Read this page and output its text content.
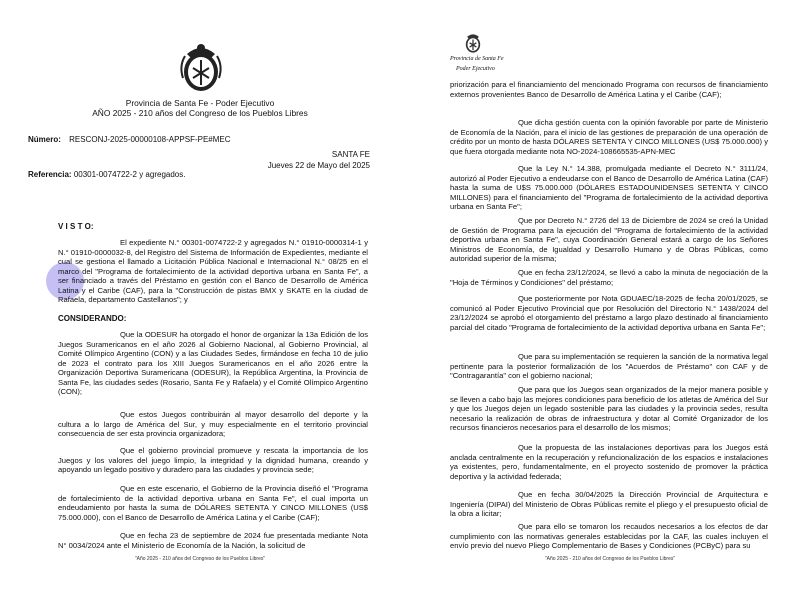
Provincia de Santa Fe - Poder Ejecutivo
AÑO 2025 - 210 años del Congreso de los Pueblos Libres
Número: RESCONJ-2025-00000108-APPSF-PE#MEC
SANTA FE
Jueves 22 de Mayo del 2025
Referencia: 00301-0074722-2 y agregados.
V I S T O:

El expediente N.° 00301-0074722-2 y agregados N.° 01910-0000314-1 y N.° 01910-0000032-8, del Registro del Sistema de Información de Expedientes, mediante el cual se gestiona el llamado a Licitación Pública Nacional e Internacional N.° 08/25 en el marco del "Programa de fortalecimiento de la actividad deportiva urbana en Santa Fe", a ser financiado a través del Préstamo en gestión con el Banco de Desarrollo de América Latina y el Caribe (CAF), para la "Construcción de pistas BMX y SKATE en la ciudad de Rafaela, departamento Castellanos"; y

CONSIDERANDO:

Que la ODESUR ha otorgado el honor de organizar la 13a Edición de los Juegos Suramericanos en el año 2026 al Gobierno Nacional, al Gobierno Provincial, al Comité Olímpico Argentino (CON) y a las Ciudades Sedes, firmándose en fecha 10 de julio de 2023 el contrato para los XIII Juegos Suramericanos en el año 2026 entre la Organización Deportiva Suramericana (ODESUR), la República Argentina, la Provincia de Santa Fe, las ciudades sedes (Rosario, Santa Fe y Rafaela) y el Comité Olímpico Argentino (CON);

Que estos Juegos contribuirán al mayor desarrollo del deporte y la cultura a lo largo de América del Sur, y muy especialmente en el territorio provincial consecuencia de ser esta provincia organizadora;

Que el gobierno provincial promueve y rescata la importancia de los Juegos y los valores del juego limpio, la integridad y la dignidad humana, creando y apoyando un legado positivo y duradero para las ciudades y provincia sede;

Que en este escenario, el Gobierno de la Provincia diseñó el "Programa de fortalecimiento de la actividad deportiva urbana en Santa Fe", el cual importa un endeudamiento por hasta la suma de DÓLARES SETENTA Y CINCO MILLONES (US$ 75.000.000), con el Banco de Desarrollo de América Latina y el Caribe (CAF);

Que en fecha 23 de septiembre de 2024 fue presentada mediante Nota N° 0034/2024 ante el Ministerio de Economía de la Nación, la solicitud de

"Año 2025 - 210 años del Congreso de los Pueblos Libres"
Provincia de Santa Fe
Poder Ejecutivo

priorización para el financiamiento del mencionado Programa con recursos de financiamiento externos provenientes Banco de Desarrollo de América Latina y el Caribe (CAF);

Que dicha gestión cuenta con la opinión favorable por parte de Ministerio de Economía de la Nación, para el inicio de las gestiones de preparación de una operación de crédito por un monto de hasta DÓLARES SETENTA Y CINCO MILLONES (US$ 75.000.000) y que fuera otorgada mediante nota NO-2024-108665535-APN-MEC

Que la Ley N.° 14.388, promulgada mediante el Decreto N.° 3111/24, autorizó al Poder Ejecutivo a endeudarse con el Banco de Desarrollo de América Latina (CAF) hasta la suma de U$S 75.000.000 (DÓLARES ESTADOUNIDENSES SETENTA Y CINCO MILLONES) para el financiamiento del "Programa de fortalecimiento de la actividad deportiva urbana en Santa Fe";

Que por Decreto N.° 2726 del 13 de Diciembre de 2024 se creó la Unidad de Gestión de Programa para la ejecución del "Programa de fortalecimiento de la actividad deportiva urbana en Santa Fe", cuya Coordinación General estará a cargo de los Señores Ministros de Economía, de Igualdad y Desarrollo Humano y de Obras Públicas, como autoridad superior de la misma;

Que en fecha 23/12/2024, se llevó a cabo la minuta de negociación de la "Hoja de Términos y Condiciones" del préstamo;

Que posteriormente por Nota GDUAEC/18-2025 de fecha 20/01/2025, se comunicó al Poder Ejecutivo Provincial que por Resolución del Directorio N.° 1438/2024 del 23/12/2024 se aprobó el otorgamiento del préstamo a largo plazo destinado al financiamiento parcial del citado "Programa de fortalecimiento de la actividad deportiva urbana en Santa Fe";

Que para su implementación se requieren la sanción de la normativa legal pertinente para la posterior formalización de los "Acuerdos de Préstamo" con CAF y de "Contragarantía" con el gobierno nacional;

Que para que los Juegos sean organizados de la mejor manera posible y se lleven a cabo bajo las mejores condiciones para beneficio de los atletas de América del Sur y que los Juegos dejen un legado sostenible para las ciudades y la provincia sedes, resulta necesario la realización de obras de infraestructura y dotar al Comité Organizador de los recursos financieros necesarios para el desarrollo de los mismos;

Que la propuesta de las instalaciones deportivas para los Juegos está anclada centralmente en la recuperación y refuncionalización de los espacios e instalaciones ya existentes, pero, fundamentalmente, en el proyecto sostenido de promover la práctica deportiva y la actividad federada;

Que en fecha 30/04/2025 la Dirección Provincial de Arquitectura e Ingeniería (DIPAI) del Ministerio de Obras Públicas remite el pliego y el presupuesto oficial de la obra a licitar;

Que para ello se tomaron los recaudos necesarios a los efectos de dar cumplimiento con las normativas generales establecidas por la CAF, las cuales incluyen el envío previo del nuevo Pliego Complementario de Bases y Condiciones (PCByC) para su

"Año 2025 - 210 años del Congreso de los Pueblos Libres"
